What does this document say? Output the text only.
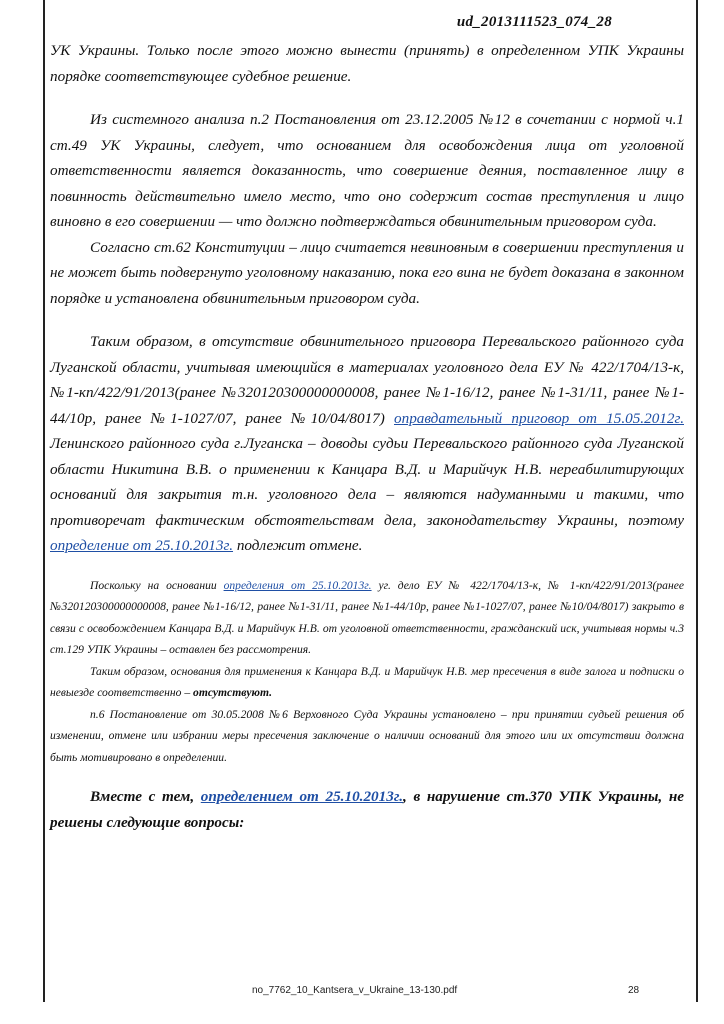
ud_2013111523_074_28

УК Украины. Только после этого можно вынести (принять) в определенном УПК Украины порядке соответствующее судебное решение.

Из системного анализа п.2 Постановления от 23.12.2005 №12 в сочетании с нормой ч.1 ст.49 УК Украины, следует, что основанием для освобождения лица от уголовной ответственности является доказанность, что совершение деяния, поставленное лицу в повинность действительно имело место, что оно содержит состав преступления и лицо виновно в его совершении — что должно подтверждаться обвинительным приговором суда.

Согласно ст.62 Конституции – лицо считается невиновным в совершении преступления и не может быть подвергнуто уголовному наказанию, пока его вина не будет доказана в законном порядке и установлена обвинительным приговором суда.

Таким образом, в отсутствие обвинительного приговора Перевальского районного суда Луганской области, учитывая имеющийся в материалах уголовного дела ЕУ № 422/1704/13-к, №1-кп/422/91/2013(ранее №320120300000000008, ранее №1-16/12, ранее №1-31/11, ранее №1-44/10р, ранее №1-1027/07, ранее №10/04/8017) оправдательный приговор от 15.05.2012г. Ленинского районного суда г.Луганска – доводы судьи Перевальского районного суда Луганской области Никитина В.В. о применении к Канцара В.Д. и Марийчук Н.В. нереабилитирующих оснований для закрытия т.н. уголовного дела – являются надуманными и такими, что противоречат фактическим обстоятельствам дела, законодательству Украины, поэтому определение от 25.10.2013г. подлежит отмене.

Поскольку на основании определения от 25.10.2013г. уг. дело ЕУ № 422/1704/13-к, № 1-кп/422/91/2013(ранее №320120300000000008, ранее №1-16/12, ранее №1-31/11, ранее №1-44/10р, ранее №1-1027/07, ранее №10/04/8017) закрыто в связи с освобождением Канцара В.Д. и Марийчук Н.В. от уголовной ответственности, гражданский иск, учитывая нормы ч.3 ст.129 УПК Украины – оставлен без рассмотрения.

Таким образом, основания для применения к Канцара В.Д. и Марийчук Н.В. мер пресечения в виде залога и подписки о невыезде соответственно – отсутствуют.

п.6 Постановление от 30.05.2008 №6 Верховного Суда Украины установлено – при принятии судьей решения об изменении, отмене или избрании меры пресечения заключение о наличии оснований для этого или их отсутствии должна быть мотивировано в определении.

Вместе с тем, определением от 25.10.2013г., в нарушение ст.370 УПК Украины, не решены следующие вопросы:

no_7762_10_Kantsera_v_Ukraine_13-130.pdf	28
